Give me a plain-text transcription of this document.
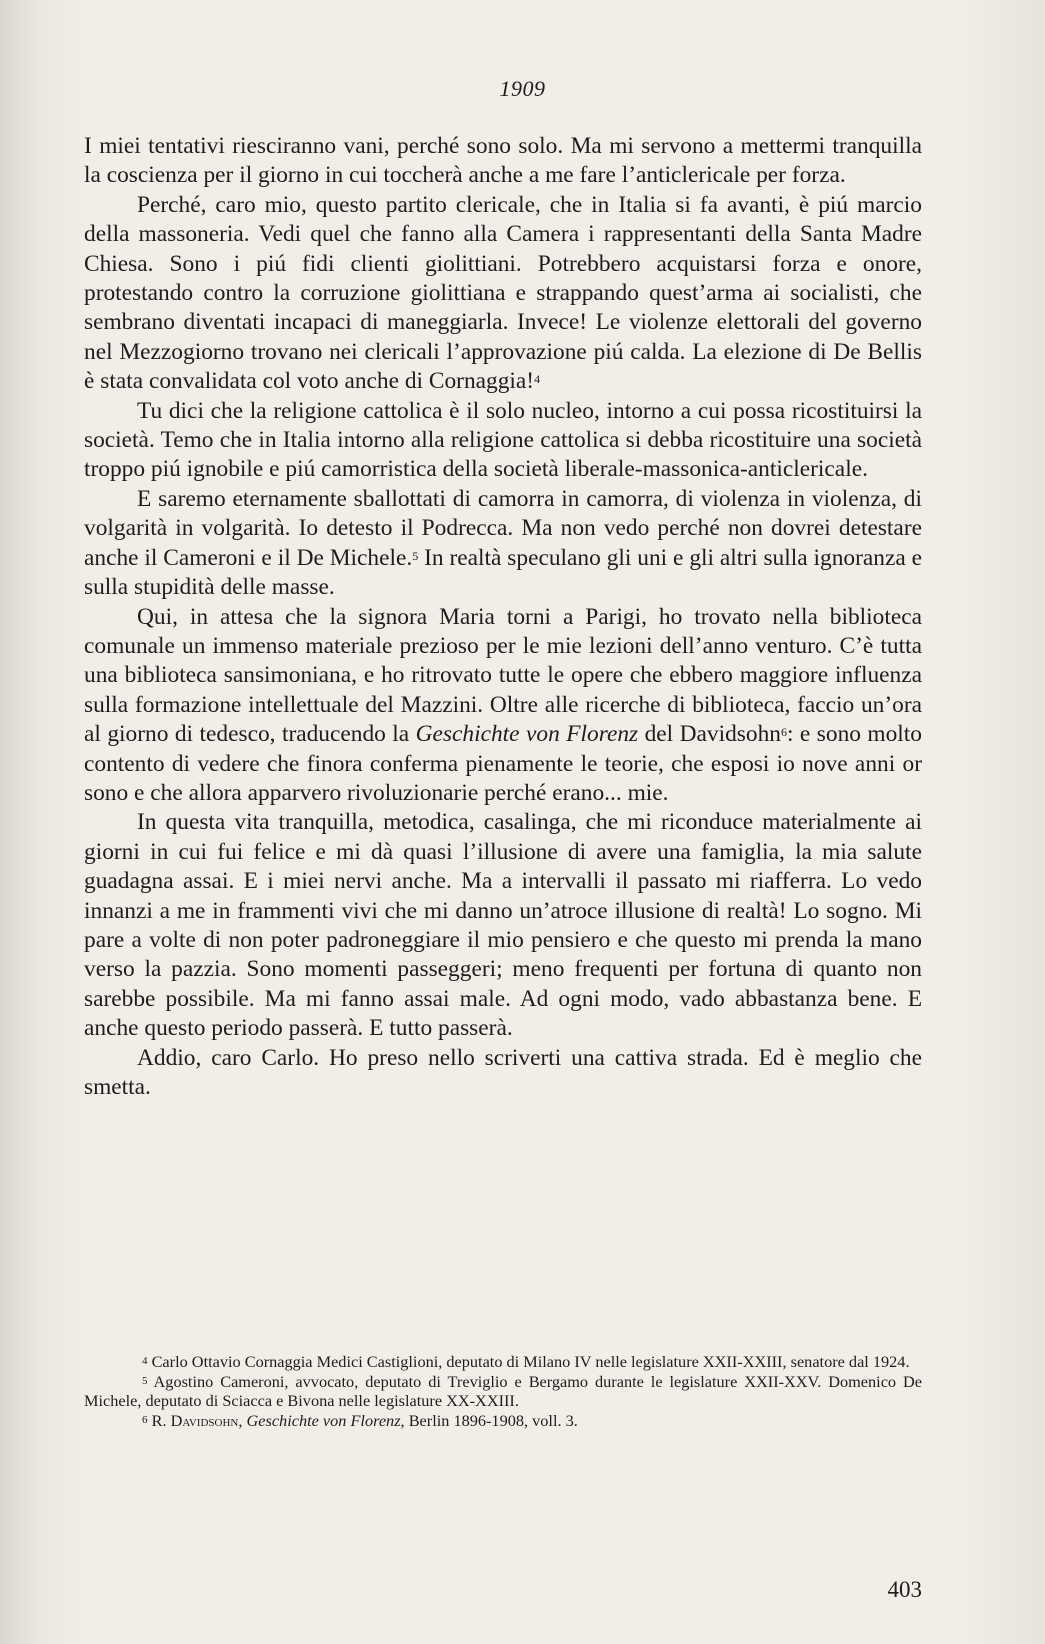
1909

I miei tentativi riesciranno vani, perché sono solo. Ma mi servono a mettermi tranquilla la coscienza per il giorno in cui toccherà anche a me fare l’anticlericale per forza.

Perché, caro mio, questo partito clericale, che in Italia si fa avanti, è piú marcio della massoneria. Vedi quel che fanno alla Camera i rappresentanti della Santa Madre Chiesa. Sono i piú fidi clienti giolittiani. Potrebbero acquistarsi forza e onore, protestando contro la corruzione giolittiana e strappando quest’arma ai socialisti, che sembrano diventati incapaci di maneggiarla. Invece! Le violenze elettorali del governo nel Mezzogiorno trovano nei clericali l’approvazione piú calda. La elezione di De Bellis è stata convalidata col voto anche di Cornaggia!$^4$

Tu dici che la religione cattolica è il solo nucleo, intorno a cui possa ricostituirsi la società. Temo che in Italia intorno alla religione cattolica si debba ricostituire una società troppo piú ignobile e piú camorristica della società liberale-massonica-anticlericale.

E saremo eternamente sballottati di camorra in camorra, di violenza in violenza, di volgarità in volgarità. Io detesto il Podrecca. Ma non vedo perché non dovrei detestare anche il Cameroni e il De Michele.$^5$ In realtà speculano gli uni e gli altri sulla ignoranza e sulla stupidità delle masse.

Qui, in attesa che la signora Maria torni a Parigi, ho trovato nella biblioteca comunale un immenso materiale prezioso per le mie lezioni dell’anno venturo. C’è tutta una biblioteca sansimoniana, e ho ritrovato tutte le opere che ebbero maggiore influenza sulla formazione intellettuale del Mazzini. Oltre alle ricerche di biblioteca, faccio un’ora al giorno di tedesco, traducendo la Geschichte von Florenz del Davidsohn$^6$: e sono molto contento di vedere che finora conferma pienamente le teorie, che esposi io nove anni or sono e che allora apparvero rivoluzionarie perché erano... mie.

In questa vita tranquilla, metodica, casalinga, che mi riconduce materialmente ai giorni in cui fui felice e mi dà quasi l’illusione di avere una famiglia, la mia salute guadagna assai. E i miei nervi anche. Ma a intervalli il passato mi riafferra. Lo vedo innanzi a me in frammenti vivi che mi danno un’atroce illusione di realtà! Lo sogno. Mi pare a volte di non poter padroneggiare il mio pensiero e che questo mi prenda la mano verso la pazzia. Sono momenti passeggeri; meno frequenti per fortuna di quanto non sarebbe possibile. Ma mi fanno assai male. Ad ogni modo, vado abbastanza bene. E anche questo periodo passerà. E tutto passerà.

Addio, caro Carlo. Ho preso nello scriverti una cattiva strada. Ed è meglio che smetta.

$^4$ Carlo Ottavio Cornaggia Medici Castiglioni, deputato di Milano IV nelle legislature XXII-XXIII, senatore dal 1924.

$^5$ Agostino Cameroni, avvocato, deputato di Treviglio e Bergamo durante le legislature XXII-XXV. Domenico De Michele, deputato di Sciacca e Bivona nelle legislature XX-XXIII.

$^6$ R. Davidsohn, Geschichte von Florenz, Berlin 1896-1908, voll. 3.

403
